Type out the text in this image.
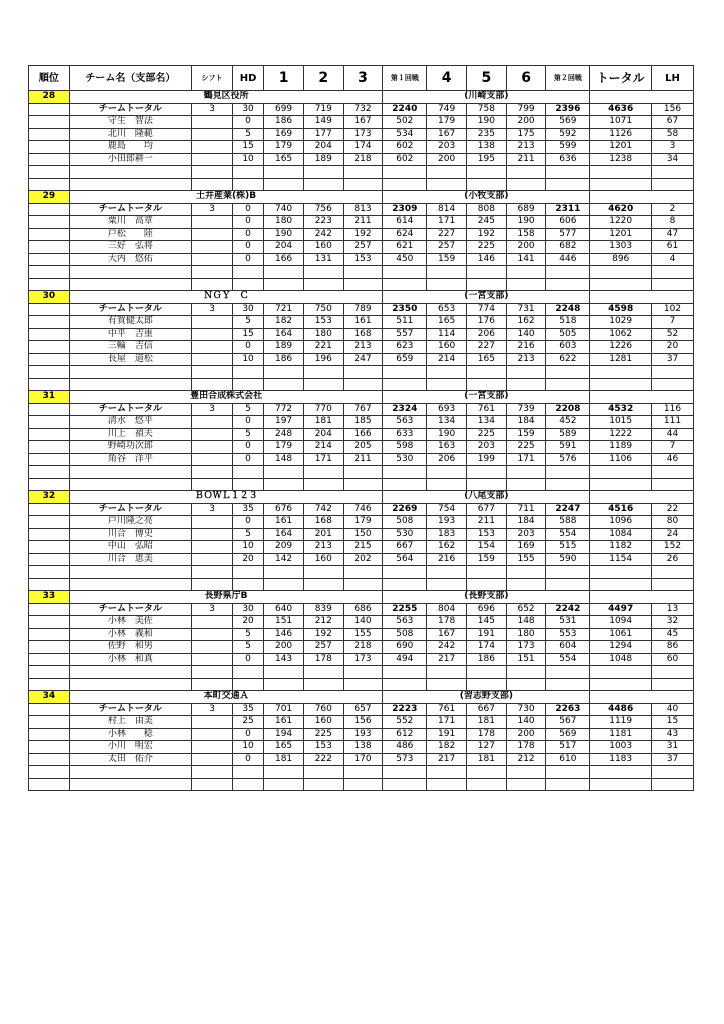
順位	チーム名（支部名）	シフト	HD	1	2	3	第１回戦	4	5	6	第２回戦	トータル	LH
28	鶴見区役所						(川崎支部)						
	チームトータル	3	30	699	719	732	2240	749	758	799	2396	4636	156
	守生　智法		0	186	149	167	502	179	190	200	569	1071	67
	北川　隆範		5	169	177	173	534	167	235	175	592	1126	58
	鹿島　　均		15	179	204	174	602	203	138	213	599	1201	3
	小田郎耕一		10	165	189	218	602	200	195	211	636	1238	34

29	土井産業(株)B						(小牧支部)						
	チームトータル	3	0	740	756	813	2309	814	808	689	2311	4620	2
	粟川　高章		0	180	223	211	614	171	245	190	606	1220	8
	戸松　　陸		0	190	242	192	624	227	192	158	577	1201	47
	三好　弘将		0	204	160	257	621	257	225	200	682	1303	61
	大内　悠佑		0	166	131	153	450	159	146	141	446	896	4

30	ＮＧＹ　Ｃ						(一宮支部)						
	チームトータル	3	30	721	750	789	2350	653	774	731	2248	4598	102
	有賀健太郎		5	182	153	161	511	165	176	162	518	1029	7
	中平　吉重		15	164	180	168	557	114	206	140	505	1062	52
	三輪　吉信		0	189	221	213	623	160	227	216	603	1226	20
	長屋　道松		10	186	196	247	659	214	165	213	622	1281	37

31	豊田合成株式会社						(一宮支部)						
	チームトータル	3	5	772	770	767	2324	693	761	739	2208	4532	116
	清水　悠平		0	197	181	185	563	134	134	184	452	1015	111
	川上　禎夫		5	248	204	166	633	190	225	159	589	1222	44
	野崎功次郎		0	179	214	205	598	163	203	225	591	1189	7
	角谷　洋平		0	148	171	211	530	206	199	171	576	1106	46

32	ＢＯＷＬ１２３						(八尾支部)						
	チームトータル	3	35	676	742	746	2269	754	677	711	2247	4516	22
	戸川隆之亮		0	161	168	179	508	193	211	184	588	1096	80
	川合　博史		5	164	201	150	530	183	153	203	554	1084	24
	中山　弘昭		10	209	213	215	667	162	154	169	515	1182	152
	川合　恵美		20	142	160	202	564	216	159	155	590	1154	26

33	長野県庁B						(長野支部)						
	チームトータル	3	30	640	839	686	2255	804	696	652	2242	4497	13
	小林　美佐		20	151	212	140	563	178	145	148	531	1094	32
	小林　義和		5	146	192	155	508	167	191	180	553	1061	45
	佐野　和男		5	200	257	218	690	242	174	173	604	1294	86
	小林　和真		0	143	178	173	494	217	186	151	554	1048	60

34	本町交通Ａ						(習志野支部)						
	チームトータル	3	35	701	760	657	2223	761	667	730	2263	4486	40
	村上　由美		25	161	160	156	552	171	181	140	567	1119	15
	小林　　稔		0	194	225	193	612	191	178	200	569	1181	43
	小川　明宏		10	165	153	138	486	182	127	178	517	1003	31
	太田　佑介		0	181	222	170	573	217	181	212	610	1183	37
